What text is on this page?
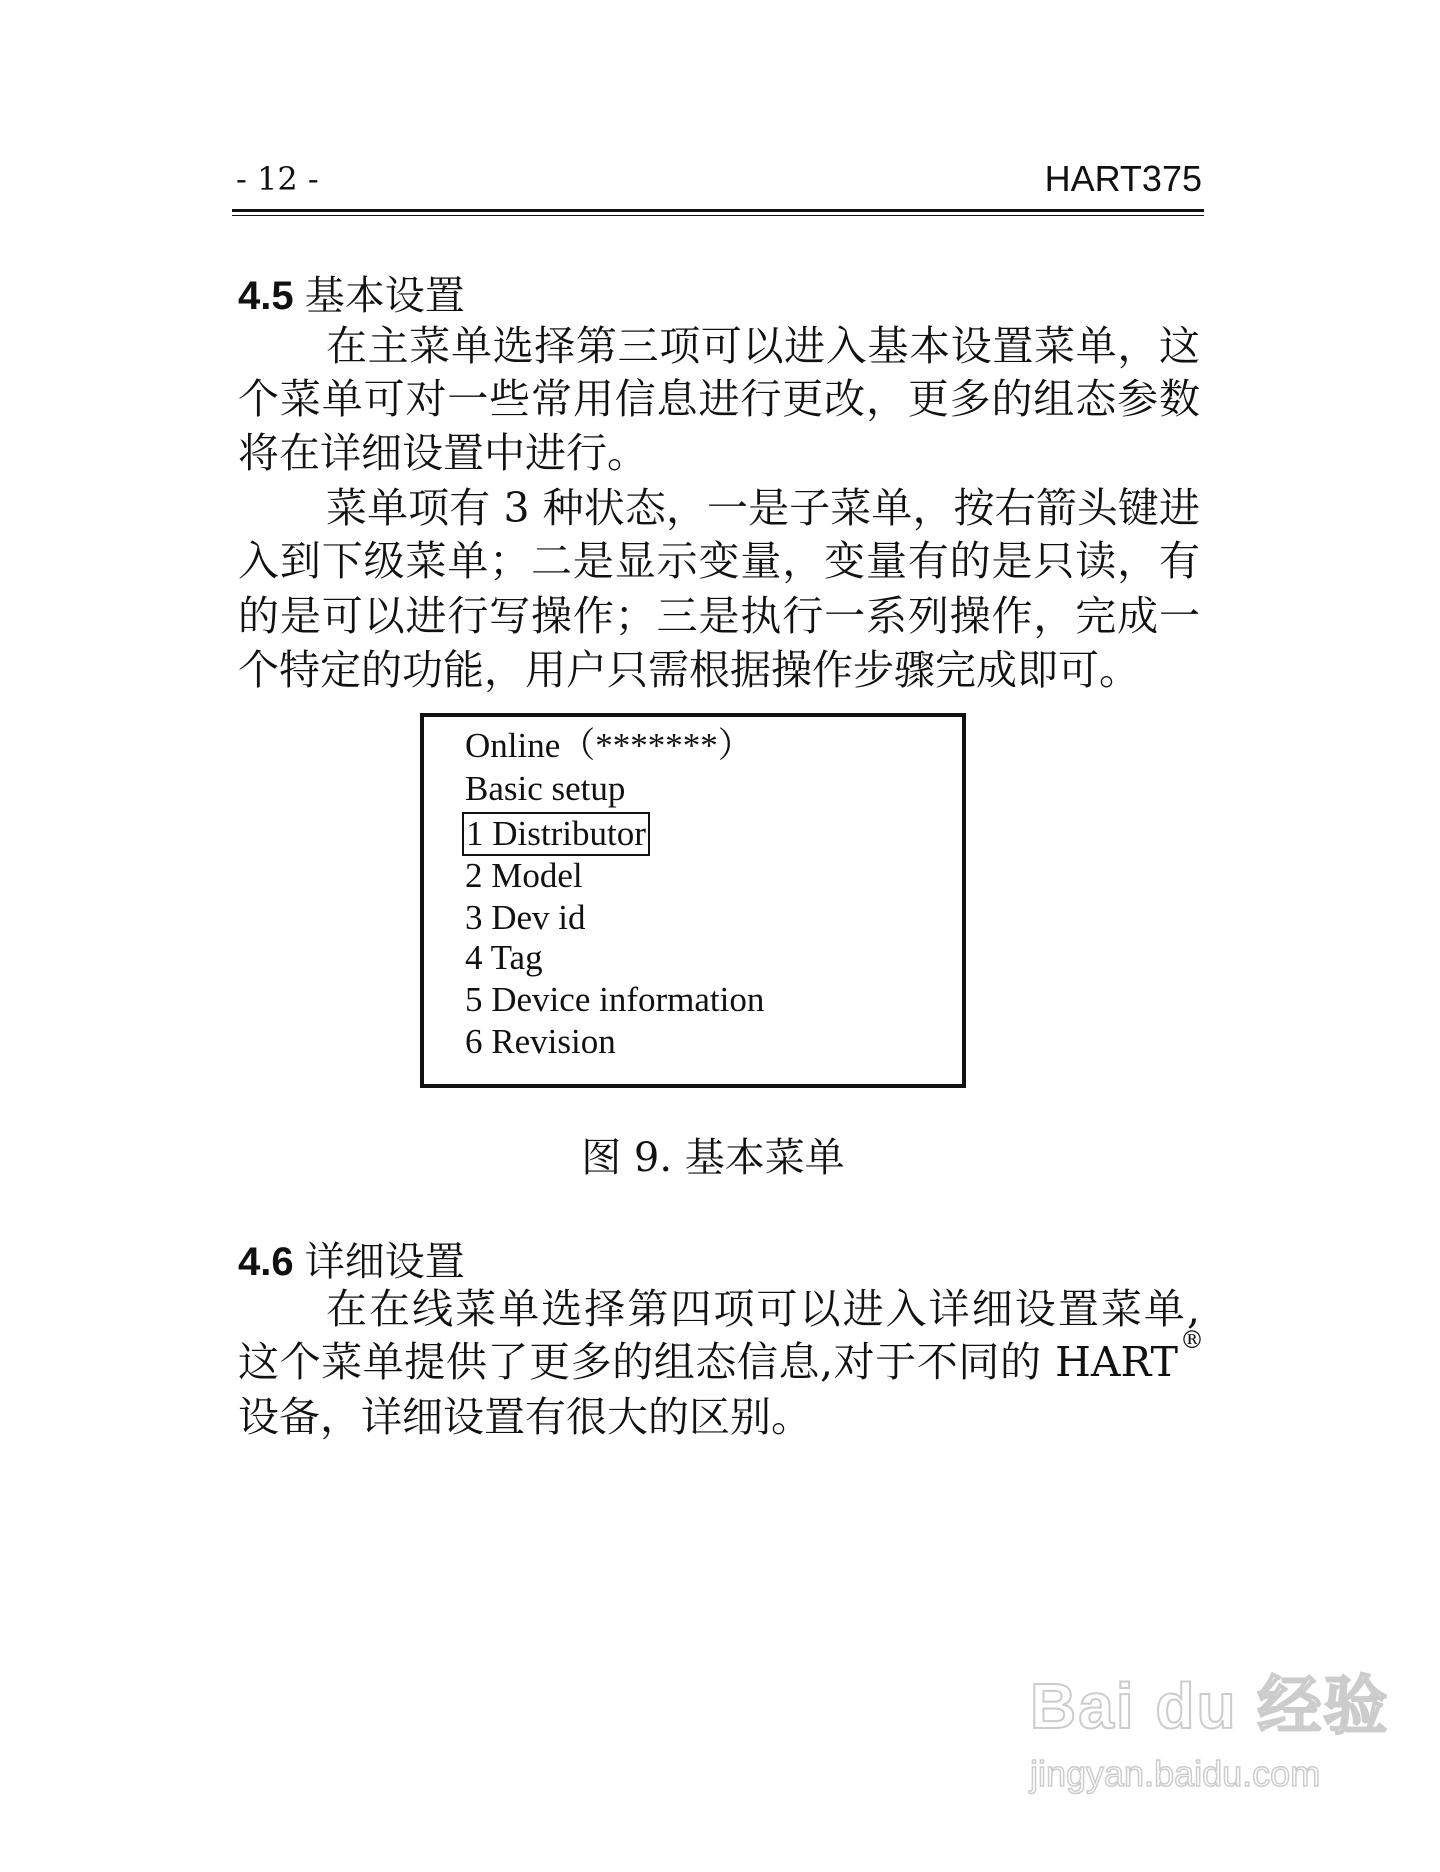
- 12 -	HART375
4.5 基本设置
在主菜单选择第三项可以进入基本设置菜单，这
个菜单可对一些常用信息进行更改，更多的组态参数
将在详细设置中进行。
菜单项有 3 种状态，一是子菜单，按右箭头键进
入到下级菜单；二是显示变量，变量有的是只读，有
的是可以进行写操作；三是执行一系列操作，完成一
个特定的功能，用户只需根据操作步骤完成即可。
Online（*******）
Basic setup
1 Distributor
2 Model
3 Dev id
4 Tag
5 Device information
6 Revision
图 9. 基本菜单
4.6 详细设置
在在线菜单选择第四项可以进入详细设置菜单,
这个菜单提供了更多的组态信息,对于不同的 HART ®
设备，详细设置有很大的区别。
Bai du 经验
jingyan.baidu.com
